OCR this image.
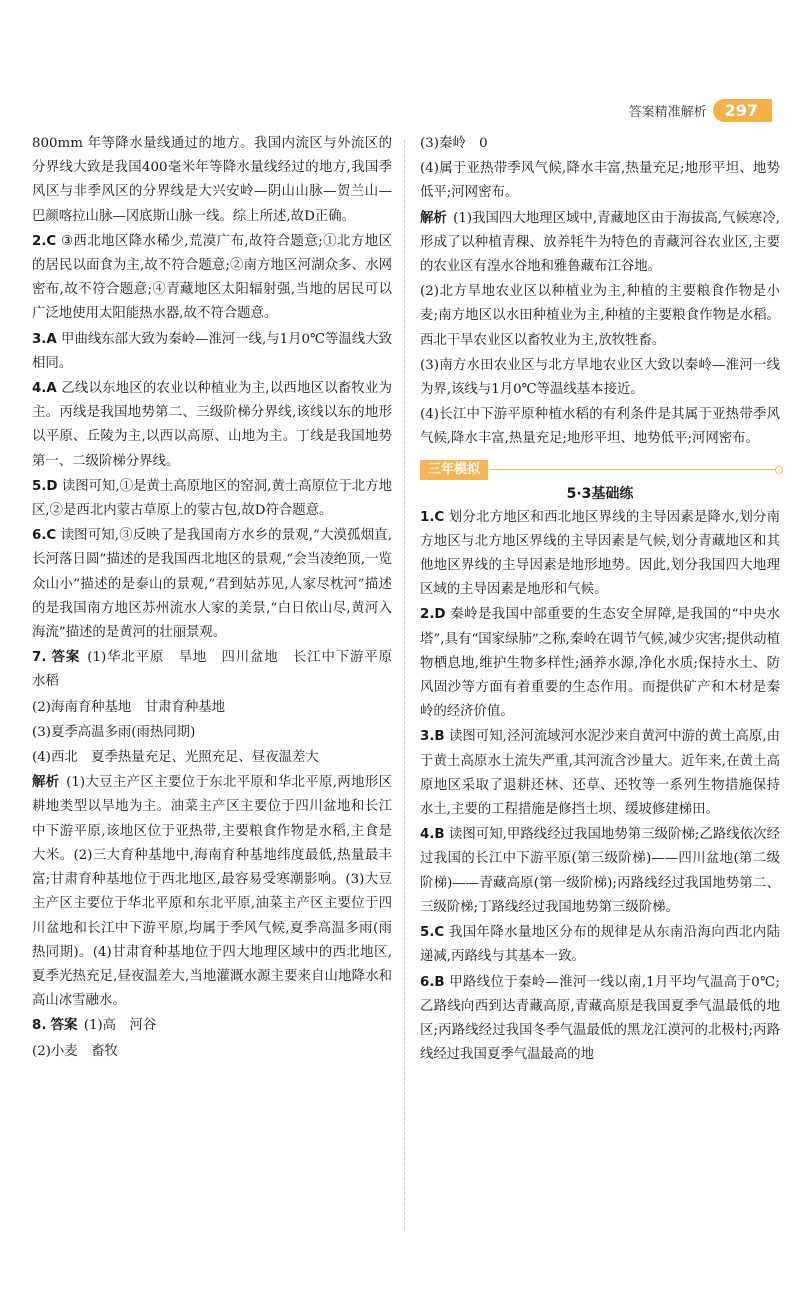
答案精准解析	297
800mm 年等降水量线通过的地方。我国内流区与外流区的分界线大致是我国400毫米年等降水量线经过的地方,我国季风区与非季风区的分界线是大兴安岭—阴山山脉—贺兰山—巴颜喀拉山脉—冈底斯山脉一线。综上所述,故D正确。
2.C ③西北地区降水稀少,荒漠广布,故符合题意;①北方地区的居民以面食为主,故不符合题意;②南方地区河湖众多、水网密布,故不符合题意;④青藏地区太阳辐射强,当地的居民可以广泛地使用太阳能热水器,故不符合题意。
3.A 甲曲线东部大致为秦岭—淮河一线,与1月0℃等温线大致相同。
4.A 乙线以东地区的农业以种植业为主,以西地区以畜牧业为主。丙线是我国地势第二、三级阶梯分界线,该线以东的地形以平原、丘陵为主,以西以高原、山地为主。丁线是我国地势第一、二级阶梯分界线。
5.D 读图可知,①是黄土高原地区的窑洞,黄土高原位于北方地区,②是西北内蒙古草原上的蒙古包,故D符合题意。
6.C 读图可知,③反映了是我国南方水乡的景观,“大漠孤烟直,长河落日圆”描述的是我国西北地区的景观,“会当凌绝顶,一览众山小”描述的是泰山的景观,“君到姑苏见,人家尽枕河”描述的是我国南方地区苏州流水人家的美景,“白日依山尽,黄河入海流”描述的是黄河的壮丽景观。
7. 答案 (1)华北平原　旱地　四川盆地　长江中下游平原　水稻
(2)海南育种基地　甘肃育种基地
(3)夏季高温多雨(雨热同期)
(4)西北　夏季热量充足、光照充足、昼夜温差大
解析 (1)大豆主产区主要位于东北平原和华北平原,两地形区耕地类型以旱地为主。油菜主产区主要位于四川盆地和长江中下游平原,该地区位于亚热带,主要粮食作物是水稻,主食是大米。(2)三大育种基地中,海南育种基地纬度最低,热量最丰富;甘肃育种基地位于西北地区,最容易受寒潮影响。(3)大豆主产区主要位于华北平原和东北平原,油菜主产区主要位于四川盆地和长江中下游平原,均属于季风气候,夏季高温多雨(雨热同期)。(4)甘肃育种基地位于四大地理区域中的西北地区,夏季光热充足,昼夜温差大,当地灌溉水源主要来自山地降水和高山冰雪融水。
8. 答案 (1)高　河谷
(2)小麦　畜牧
(3)秦岭　0
(4)属于亚热带季风气候,降水丰富,热量充足;地形平坦、地势低平;河网密布。
解析 (1)我国四大地理区域中,青藏地区由于海拔高,气候寒冷,形成了以种植青稞、放养牦牛为特色的青藏河谷农业区,主要的农业区有湟水谷地和雅鲁藏布江谷地。
(2)北方旱地农业区以种植业为主,种植的主要粮食作物是小麦;南方地区以水田种植业为主,种植的主要粮食作物是水稻。西北干旱农业区以畜牧业为主,放牧牲畜。
(3)南方水田农业区与北方旱地农业区大致以秦岭—淮河一线为界,该线与1月0℃等温线基本接近。
(4)长江中下游平原种植水稻的有利条件是其属于亚热带季风气候,降水丰富,热量充足;地形平坦、地势低平;河网密布。
三年模拟
5·3基础练
1.C 划分北方地区和西北地区界线的主导因素是降水,划分南方地区与北方地区界线的主导因素是气候,划分青藏地区和其他地区界线的主导因素是地形地势。因此,划分我国四大地理区域的主导因素是地形和气候。
2.D 秦岭是我国中部重要的生态安全屏障,是我国的“中央水塔”,具有“国家绿肺”之称,秦岭在调节气候,减少灾害;提供动植物栖息地,维护生物多样性;涵养水源,净化水质;保持水土、防风固沙等方面有着重要的生态作用。而提供矿产和木材是秦岭的经济价值。
3.B 读图可知,泾河流域河水泥沙来自黄河中游的黄土高原,由于黄土高原水土流失严重,其河流含沙量大。近年来,在黄土高原地区采取了退耕还林、还草、还牧等一系列生物措施保持水土,主要的工程措施是修挡土坝、缓坡修建梯田。
4.B 读图可知,甲路线经过我国地势第三级阶梯;乙路线依次经过我国的长江中下游平原(第三级阶梯)——四川盆地(第二级阶梯)——青藏高原(第一级阶梯);丙路线经过我国地势第二、三级阶梯;丁路线经过我国地势第三级阶梯。
5.C 我国年降水量地区分布的规律是从东南沿海向西北内陆递减,丙路线与其基本一致。
6.B 甲路线位于秦岭—淮河一线以南,1月平均气温高于0℃;乙路线向西到达青藏高原,青藏高原是我国夏季气温最低的地区;丙路线经过我国冬季气温最低的黑龙江漠河的北极村;丙路线经过我国夏季气温最高的地
